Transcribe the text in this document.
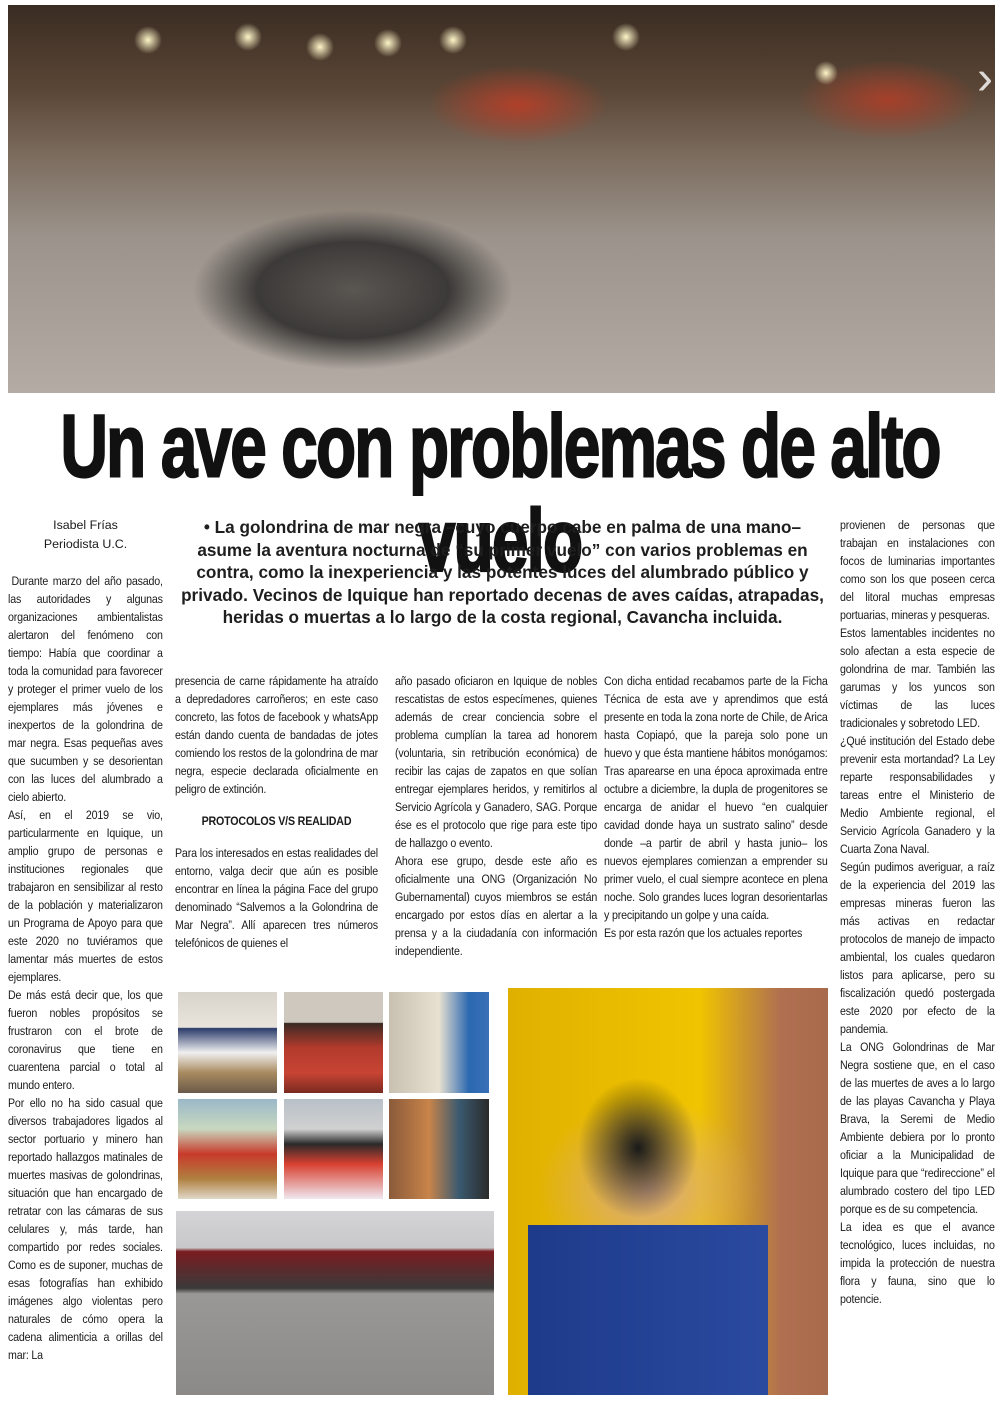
›
Un ave con problemas de alto vuelo
Isabel Frías
Periodista U.C.
• La golondrina de mar negra –cuyo cuerpo cabe en palma de una mano– asume la aventura nocturna de “su primer vuelo” con varios problemas en contra, como la inexperiencia y las potentes luces del alumbrado público y privado. Vecinos de Iquique han reportado decenas de aves caídas, atrapadas, heridas o muertas a lo largo de la costa regional, Cavancha incluida.

Durante marzo del año pasado, las autoridades y algunas organizaciones ambientalistas alertaron del fenómeno con tiempo: Había que coordinar a toda la comunidad para favorecer y proteger el primer vuelo de los ejemplares más jóvenes e inexpertos de la golondrina de mar negra. Esas pequeñas aves que sucumben y se desorientan con las luces del alumbrado a cielo abierto.

Así, en el 2019 se vio, particularmente en Iquique, un amplio grupo de personas e instituciones regionales que trabajaron en sensibilizar al resto de la población y materializaron un Programa de Apoyo para que este 2020 no tuviéramos que lamentar más muertes de estos ejemplares.

De más está decir que, los que fueron nobles propósitos se frustraron con el brote de coronavirus que tiene en cuarentena parcial o total al mundo entero.

Por ello no ha sido casual que diversos trabajadores ligados al sector portuario y minero han reportado hallazgos matinales de muertes masivas de golondrinas, situación que han encargado de retratar con las cámaras de sus celulares y, más tarde, han compartido por redes sociales. Como es de suponer, muchas de esas fotografías han exhibido imágenes algo violentas pero naturales de cómo opera la cadena alimenticia a orillas del mar: La

presencia de carne rápidamente ha atraído a depredadores carroñeros; en este caso concreto, las fotos de facebook y whatsApp están dando cuenta de bandadas de jotes comiendo los restos de la golondrina de mar negra, especie declarada oficialmente en peligro de extinción.

PROTOCOLOS V/S REALIDAD

Para los interesados en estas realidades del entorno, valga decir que aún es posible encontrar en línea la página Face del grupo denominado “Salvemos a la Golondrina de Mar Negra”. Allí aparecen tres números telefónicos de quienes el

año pasado oficiaron en Iquique de nobles rescatistas de estos especímenes, quienes además de crear conciencia sobre el problema cumplían la tarea ad honorem (voluntaria, sin retribución económica) de recibir las cajas de zapatos en que solían entregar ejemplares heridos, y remitirlos al Servicio Agrícola y Ganadero, SAG. Porque ése es el protocolo que rige para este tipo de hallazgo o evento.

Ahora ese grupo, desde este año es oficialmente una ONG (Organización No Gubernamental) cuyos miembros se están encargado por estos días en alertar a la prensa y a la ciudadanía con información independiente.

Con dicha entidad recabamos parte de la Ficha Técnica de esta ave y aprendimos que está presente en toda la zona norte de Chile, de Arica hasta Copiapó, que la pareja solo pone un huevo y que ésta mantiene hábitos monógamos: Tras aparearse en una época aproximada entre octubre a diciembre, la dupla de progenitores se encarga de anidar el huevo “en cualquier cavidad donde haya un sustrato salino” desde donde –a partir de abril y hasta junio– los nuevos ejemplares comienzan a emprender su primer vuelo, el cual siempre acontece en plena noche. Solo grandes luces logran desorientarlas y precipitando un golpe y una caída.

Es por esta razón que los actuales reportes

provienen de personas que trabajan en instalaciones con focos de luminarias importantes como son los que poseen cerca del litoral muchas empresas portuarias, mineras y pesqueras.

Estos lamentables incidentes no solo afectan a esta especie de golondrina de mar. También las garumas y los yuncos son víctimas de las luces tradicionales y sobretodo LED.

¿Qué institución del Estado debe prevenir esta mortandad? La Ley reparte responsabilidades y tareas entre el Ministerio de Medio Ambiente regional, el Servicio Agrícola Ganadero y la Cuarta Zona Naval.

Según pudimos averiguar, a raíz de la experiencia del 2019 las empresas mineras fueron las más activas en redactar protocolos de manejo de impacto ambiental, los cuales quedaron listos para aplicarse, pero su fiscalización quedó postergada este 2020 por efecto de la pandemia.

La ONG Golondrinas de Mar Negra sostiene que, en el caso de las muertes de aves a lo largo de las playas Cavancha y Playa Brava, la Seremi de Medio Ambiente debiera por lo pronto oficiar a la Municipalidad de Iquique para que “redireccione” el alumbrado costero del tipo LED porque es de su competencia.

La idea es que el avance tecnológico, luces incluidas, no impida la protección de nuestra flora y fauna, sino que lo potencie.
